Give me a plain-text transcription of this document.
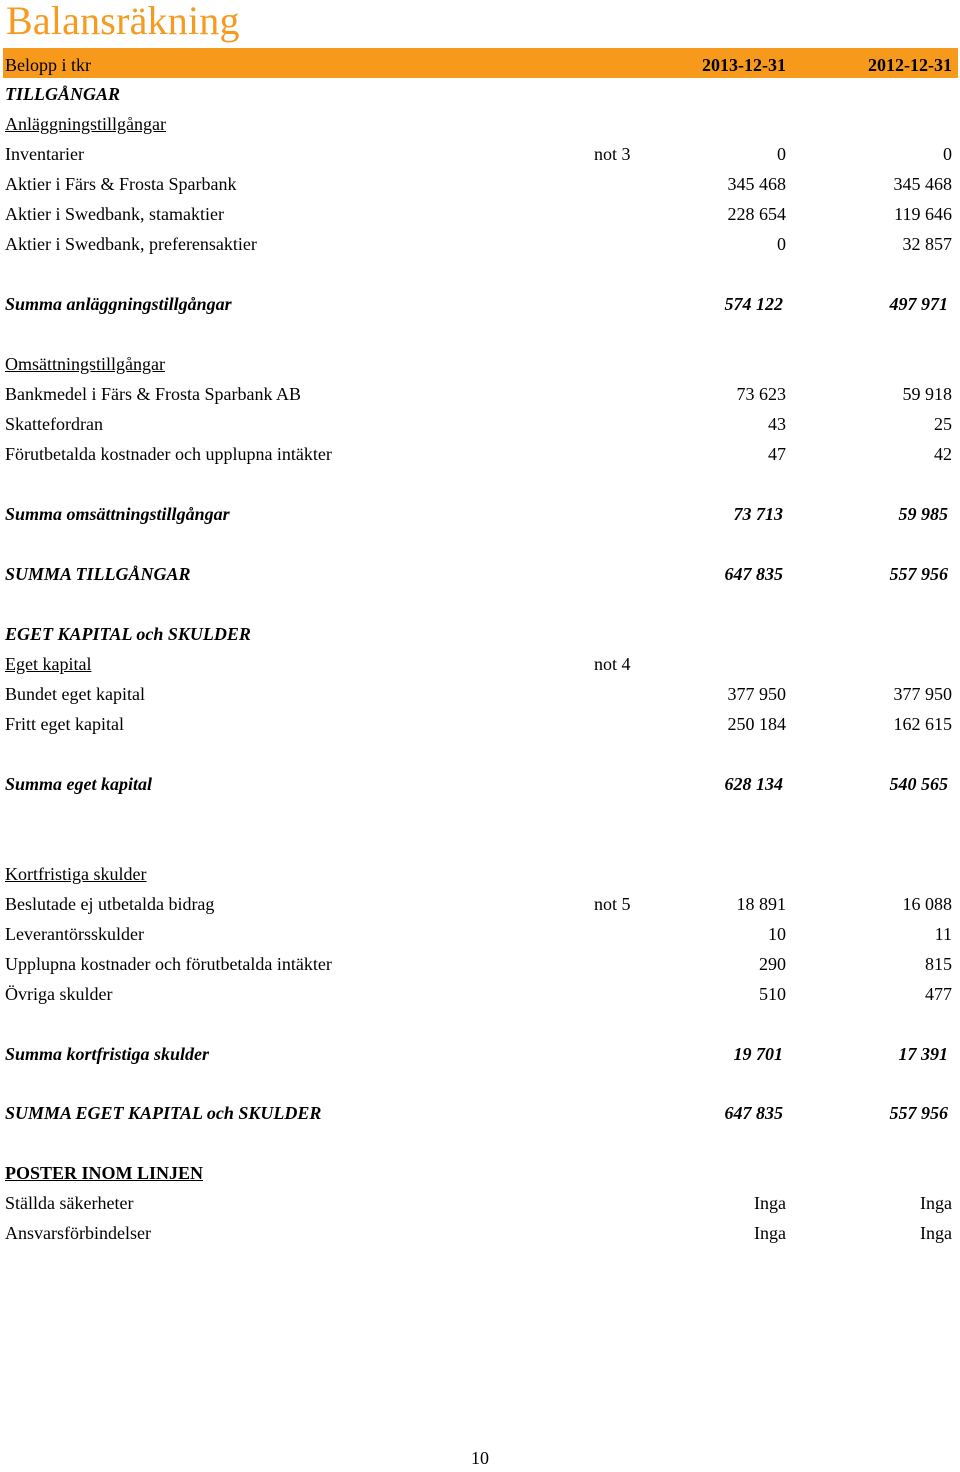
Balansräkning
Belopp i tkr	2013-12-31	2012-12-31
TILLGÅNGAR
Anläggningstillgångar
Inventarier	not 3	0	0
Aktier i Färs & Frosta Sparbank	345 468	345 468
Aktier i Swedbank, stamaktier	228 654	119 646
Aktier i Swedbank, preferensaktier	0	32 857
Summa anläggningstillgångar	574 122	497 971
Omsättningstillgångar
Bankmedel i Färs & Frosta Sparbank AB	73 623	59 918
Skattefordran	43	25
Förutbetalda kostnader och upplupna intäkter	47	42
Summa omsättningstillgångar	73 713	59 985
SUMMA TILLGÅNGAR	647 835	557 956
EGET KAPITAL och SKULDER
Eget kapital	not 4
Bundet eget kapital	377 950	377 950
Fritt eget kapital	250 184	162 615
Summa eget kapital	628 134	540 565
Kortfristiga skulder
Beslutade ej utbetalda bidrag	not 5	18 891	16 088
Leverantörsskulder	10	11
Upplupna kostnader och förutbetalda intäkter	290	815
Övriga skulder	510	477
Summa kortfristiga skulder	19 701	17 391
SUMMA EGET KAPITAL och SKULDER	647 835	557 956
POSTER INOM LINJEN
Ställda säkerheter	Inga	Inga
Ansvarsförbindelser	Inga	Inga
10
